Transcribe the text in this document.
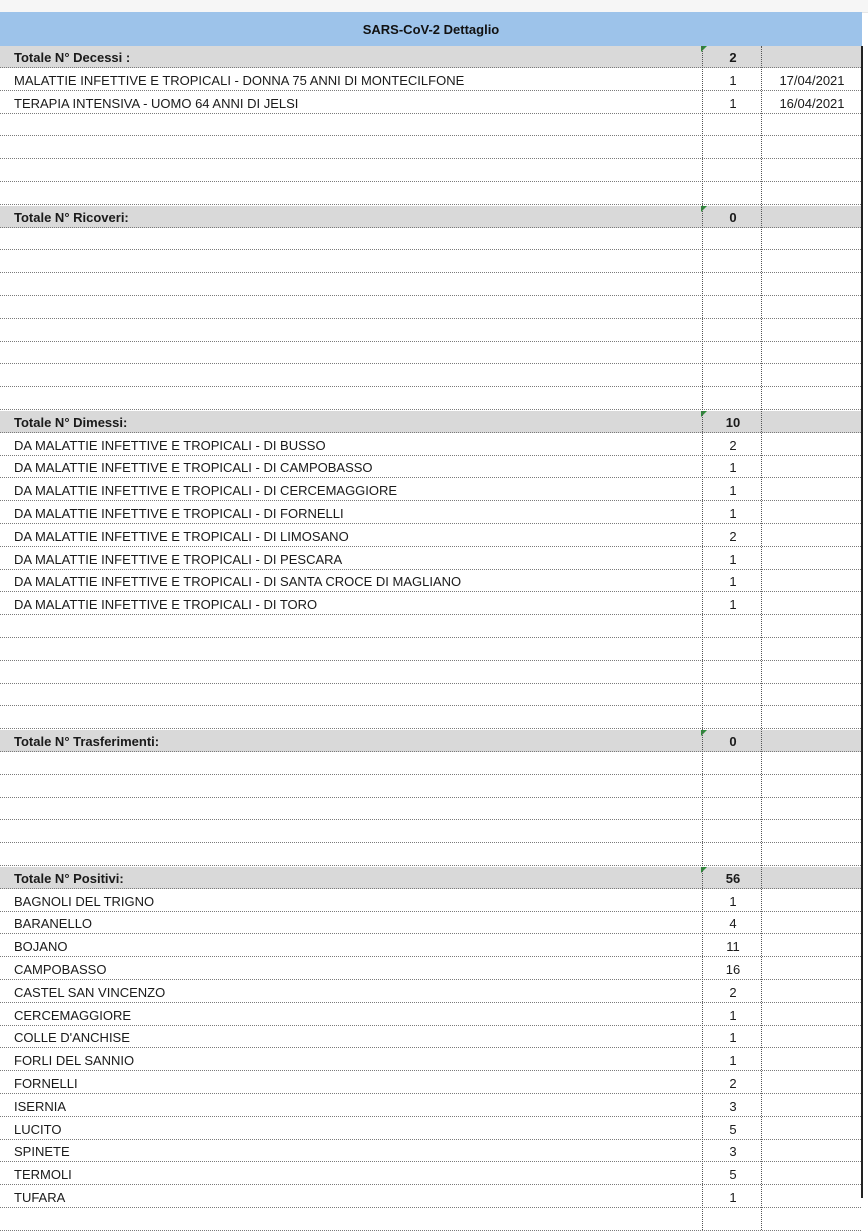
SARS-CoV-2 Dettaglio
Totale N° Decessi :	2
MALATTIE INFETTIVE E TROPICALI - DONNA 75 ANNI DI MONTECILFONE	1	17/04/2021
TERAPIA INTENSIVA - UOMO 64 ANNI DI JELSI	1	16/04/2021
Totale N° Ricoveri:	0
Totale N° Dimessi:	10
DA MALATTIE INFETTIVE E TROPICALI - DI BUSSO	2
DA MALATTIE INFETTIVE E TROPICALI - DI CAMPOBASSO	1
DA MALATTIE INFETTIVE E TROPICALI - DI CERCEMAGGIORE	1
DA MALATTIE INFETTIVE E TROPICALI - DI FORNELLI	1
DA MALATTIE INFETTIVE E TROPICALI - DI LIMOSANO	2
DA MALATTIE INFETTIVE E TROPICALI - DI PESCARA	1
DA MALATTIE INFETTIVE E TROPICALI - DI SANTA CROCE DI MAGLIANO	1
DA MALATTIE INFETTIVE E TROPICALI - DI TORO	1
Totale N° Trasferimenti:	0
Totale N° Positivi:	56
BAGNOLI DEL TRIGNO	1
BARANELLO	4
BOJANO	11
CAMPOBASSO	16
CASTEL SAN VINCENZO	2
CERCEMAGGIORE	1
COLLE D'ANCHISE	1
FORLI DEL SANNIO	1
FORNELLI	2
ISERNIA	3
LUCITO	5
SPINETE	3
TERMOLI	5
TUFARA	1
